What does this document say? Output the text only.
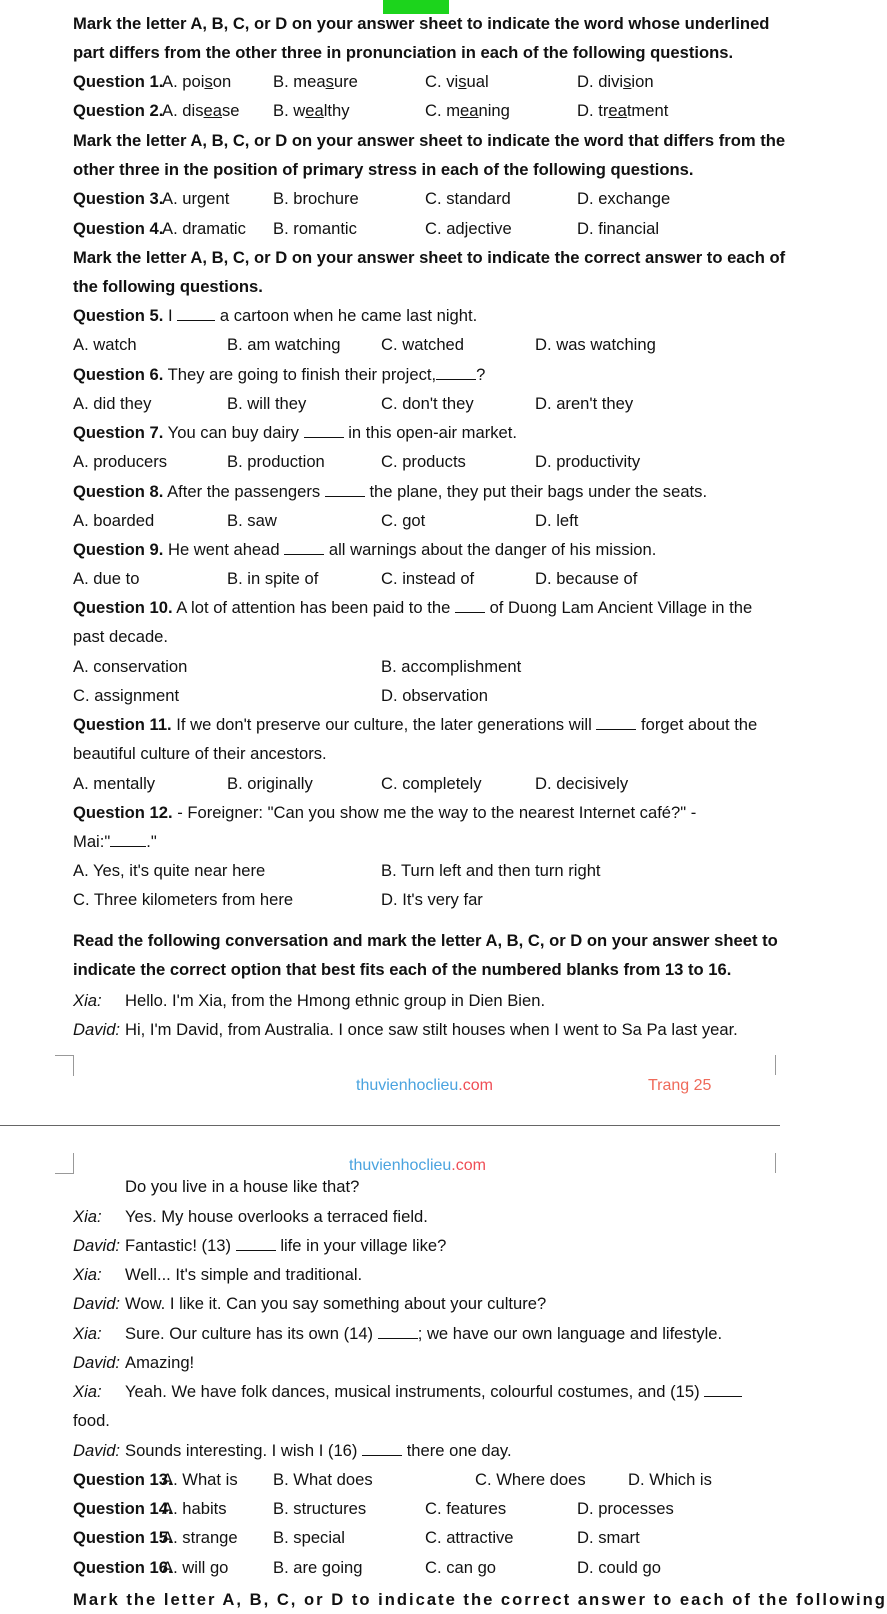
Mark the letter A, B, C, or D on your answer sheet to indicate the word whose underlined
part differs from the other three in pronunciation in each of the following questions.
Question 1.
A. poison	B. measure	C. visual	D. division
Question 2.
A. disease B. wealthy	C. meaning	D. treatment
Mark the letter A, B, C, or D on your answer sheet to indicate the word that differs from the
other three in the position of primary stress in each of the following questions.
Question 3.
A. urgent	B. brochure	C. standard	D. exchange
Question 4.
A. dramatic B. romantic	C. adjective	D. financial
Mark the letter A, B, C, or D on your answer sheet to indicate the correct answer to each of
the following questions.
Question 5. I	a cartoon when he came last night.
A. watch	B. am watching C. watched	D. was watching
Question 6. They are going to finish their project, ?
A. did they	B. will they	C. don't they	D. aren't they
Question 7. You can buy dairy	in this open-air market.
A. producers	B. production	C. products	D. productivity
Question 8. After the passengers	the plane, they put their bags under the seats.
A. boarded	B. saw	C. got	D. left
Question 9. He went ahead	all warnings about the danger of his mission.
A. due to	B. in spite of	C. instead of	D. because of
Question 10. A lot of attention has been paid to the of Duong Lam Ancient Village in the
past decade.
A. conservation	B. accomplishment
C. assignment	D. observation
Question 11. If we don't preserve our culture, the later generations will	forget about the
beautiful culture of their ancestors.
A. mentally	B. originally	C. completely	D. decisively
Question 12. - Foreigner: "Can you show me the way to the nearest Internet café?" -
Mai:" ."
A. Yes, it's quite near here	B. Turn left and then turn right
C. Three kilometers from here	D. It's very far
Read the following conversation and mark the letter A, B, C, or D on your answer sheet to
indicate the correct option that best fits each of the numbered blanks from 13 to 16.
Xia: Hello. I'm Xia, from the Hmong ethnic group in Dien Bien.
David: Hi, I'm David, from Australia. I once saw stilt houses when I went to Sa Pa last year.
thuvienhoclieu.com	Trang 25
thuvienhoclieu.com
Do you live in a house like that?
Xia: Yes. My house overlooks a terraced field.
David: Fantastic! (13)	life in your village like?
Xia: Well... It's simple and traditional.
David: Wow. I like it. Can you say something about your culture?
Xia: Sure. Our culture has its own (14)	; we have our own language and lifestyle.
David: Amazing!
Xia: Yeah. We have folk dances, musical instruments, colourful costumes, and (15)
food.
David: Sounds interesting. I wish I (16)	there one day.
Question 13.
A. What is B. What does	C. Where does	D. Which is
Question 14.
A. habits	B. structures	C. features	D. processes
Question 15.
A. strange B. special	C. attractive	D. smart
Question 16.
A. will go	B. are going	C. can go	D. could go
Mark the letter A, B, C, or D to indicate the correct answer to each of the following
